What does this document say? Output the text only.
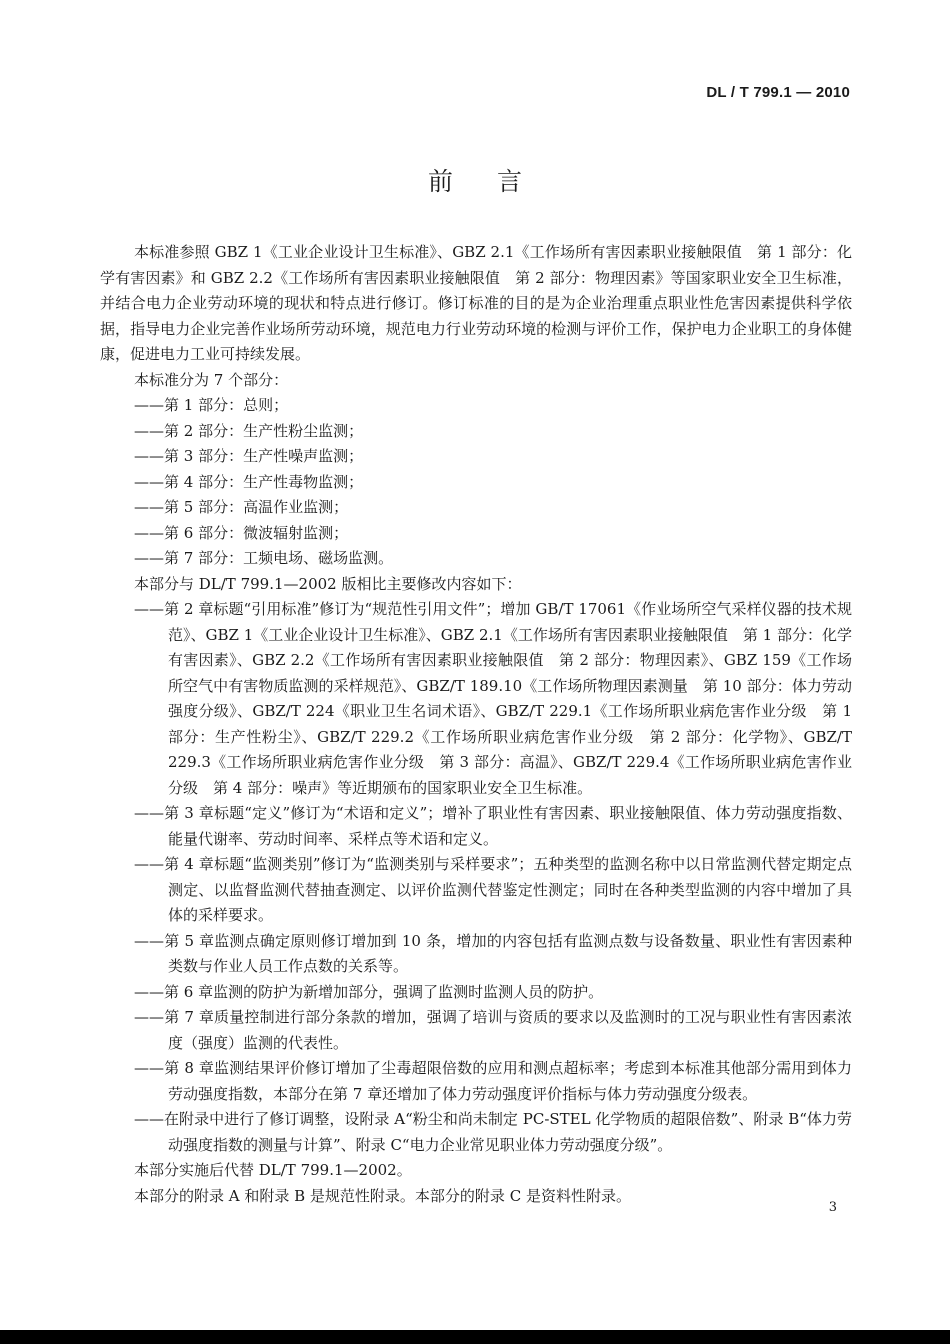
DL / T 799.1 — 2010
前言

本标准参照 GBZ 1《工业企业设计卫生标准》、GBZ 2.1《工作场所有害因素职业接触限值　第 1 部分：化学有害因素》和 GBZ 2.2《工作场所有害因素职业接触限值　第 2 部分：物理因素》等国家职业安全卫生标准，并结合电力企业劳动环境的现状和特点进行修订。修订标准的目的是为企业治理重点职业性危害因素提供科学依据，指导电力企业完善作业场所劳动环境，规范电力行业劳动环境的检测与评价工作，保护电力企业职工的身体健康，促进电力工业可持续发展。

本标准分为 7 个部分：

——第 1 部分：总则；

——第 2 部分：生产性粉尘监测；

——第 3 部分：生产性噪声监测；

——第 4 部分：生产性毒物监测；

——第 5 部分：高温作业监测；

——第 6 部分：微波辐射监测；

——第 7 部分：工频电场、磁场监测。

本部分与 DL/T 799.1—2002 版相比主要修改内容如下：

——第 2 章标题“引用标准”修订为“规范性引用文件”；增加 GB/T 17061《作业场所空气采样仪器的技术规范》、GBZ 1《工业企业设计卫生标准》、GBZ 2.1《工作场所有害因素职业接触限值　第 1 部分：化学有害因素》、GBZ 2.2《工作场所有害因素职业接触限值　第 2 部分：物理因素》、GBZ 159《工作场所空气中有害物质监测的采样规范》、GBZ/T 189.10《工作场所物理因素测量　第 10 部分：体力劳动强度分级》、GBZ/T 224《职业卫生名词术语》、GBZ/T 229.1《工作场所职业病危害作业分级　第 1 部分：生产性粉尘》、GBZ/T 229.2《工作场所职业病危害作业分级　第 2 部分：化学物》、GBZ/T 229.3《工作场所职业病危害作业分级　第 3 部分：高温》、GBZ/T 229.4《工作场所职业病危害作业分级　第 4 部分：噪声》等近期颁布的国家职业安全卫生标准。

——第 3 章标题“定义”修订为“术语和定义”；增补了职业性有害因素、职业接触限值、体力劳动强度指数、能量代谢率、劳动时间率、采样点等术语和定义。

——第 4 章标题“监测类别”修订为“监测类别与采样要求”；五种类型的监测名称中以日常监测代替定期定点测定、以监督监测代替抽查测定、以评价监测代替鉴定性测定；同时在各种类型监测的内容中增加了具体的采样要求。

——第 5 章监测点确定原则修订增加到 10 条，增加的内容包括有监测点数与设备数量、职业性有害因素种类数与作业人员工作点数的关系等。

——第 6 章监测的防护为新增加部分，强调了监测时监测人员的防护。

——第 7 章质量控制进行部分条款的增加，强调了培训与资质的要求以及监测时的工况与职业性有害因素浓度（强度）监测的代表性。

——第 8 章监测结果评价修订增加了尘毒超限倍数的应用和测点超标率；考虑到本标准其他部分需用到体力劳动强度指数，本部分在第 7 章还增加了体力劳动强度评价指标与体力劳动强度分级表。

——在附录中进行了修订调整，设附录 A“粉尘和尚未制定 PC-STEL 化学物质的超限倍数”、附录 B“体力劳动强度指数的测量与计算”、附录 C“电力企业常见职业体力劳动强度分级”。

本部分实施后代替 DL/T 799.1—2002。

本部分的附录 A 和附录 B 是规范性附录。本部分的附录 C 是资料性附录。

3
